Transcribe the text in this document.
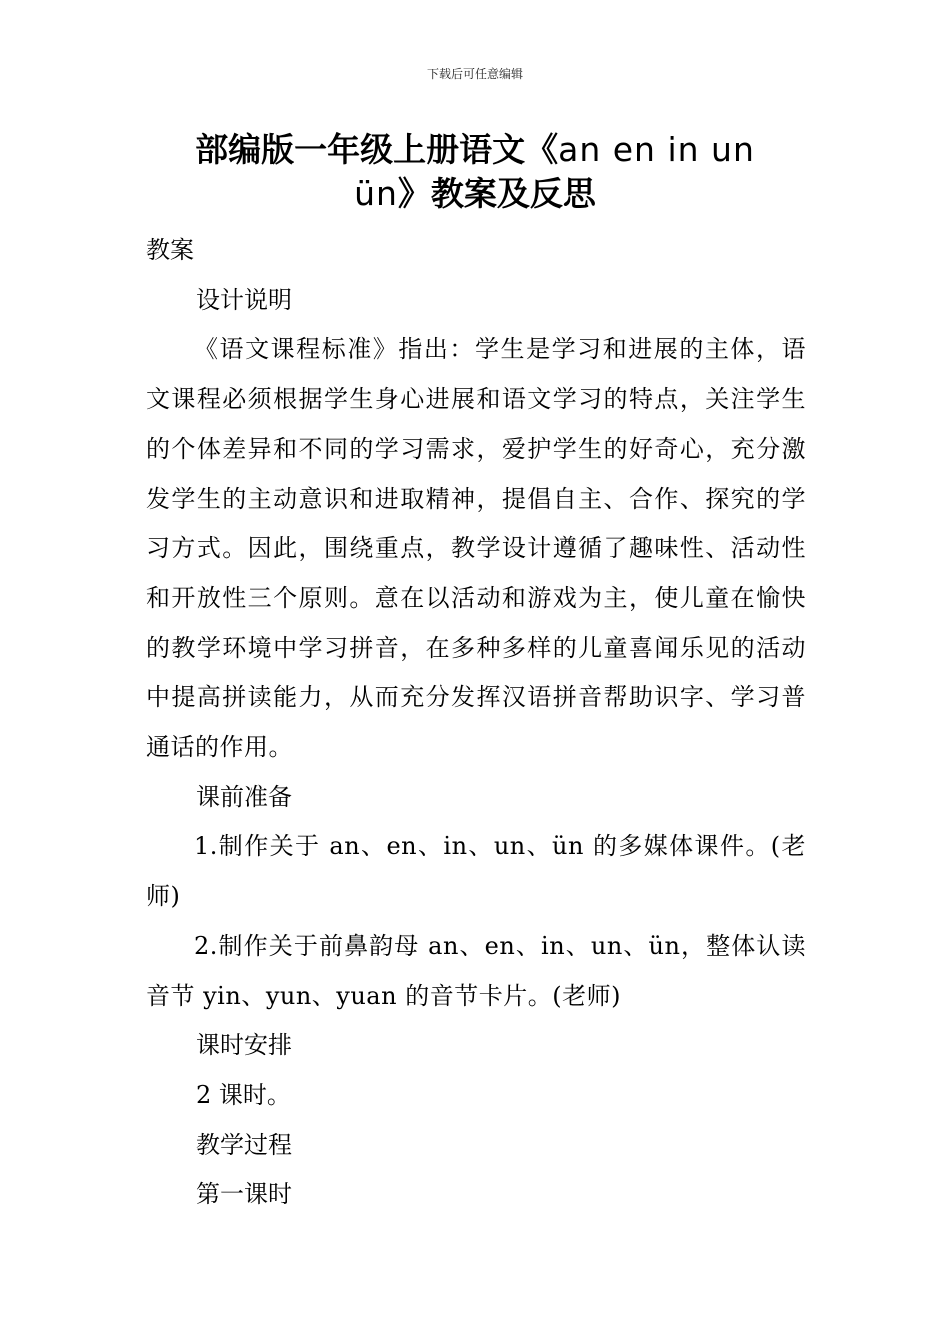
下载后可任意编辑
部编版一年级上册语文《an en in un
ün》教案及反思

教案

设计说明

《语文课程标准》指出：学生是学习和进展的主体，语文课程必须根据学生身心进展和语文学习的特点，关注学生的个体差异和不同的学习需求，爱护学生的好奇心，充分激发学生的主动意识和进取精神，提倡自主、合作、探究的学习方式。因此，围绕重点，教学设计遵循了趣味性、活动性和开放性三个原则。意在以活动和游戏为主，使儿童在愉快的教学环境中学习拼音，在多种多样的儿童喜闻乐见的活动中提高拼读能力，从而充分发挥汉语拼音帮助识字、学习普通话的作用。

课前准备

1.制作关于 an、en、in、un、ün 的多媒体课件。(老师)

2.制作关于前鼻韵母 an、en、in、un、ün，整体认读音节 yin、yun、yuan 的音节卡片。(老师)

课时安排

2 课时。

教学过程

第一课时
